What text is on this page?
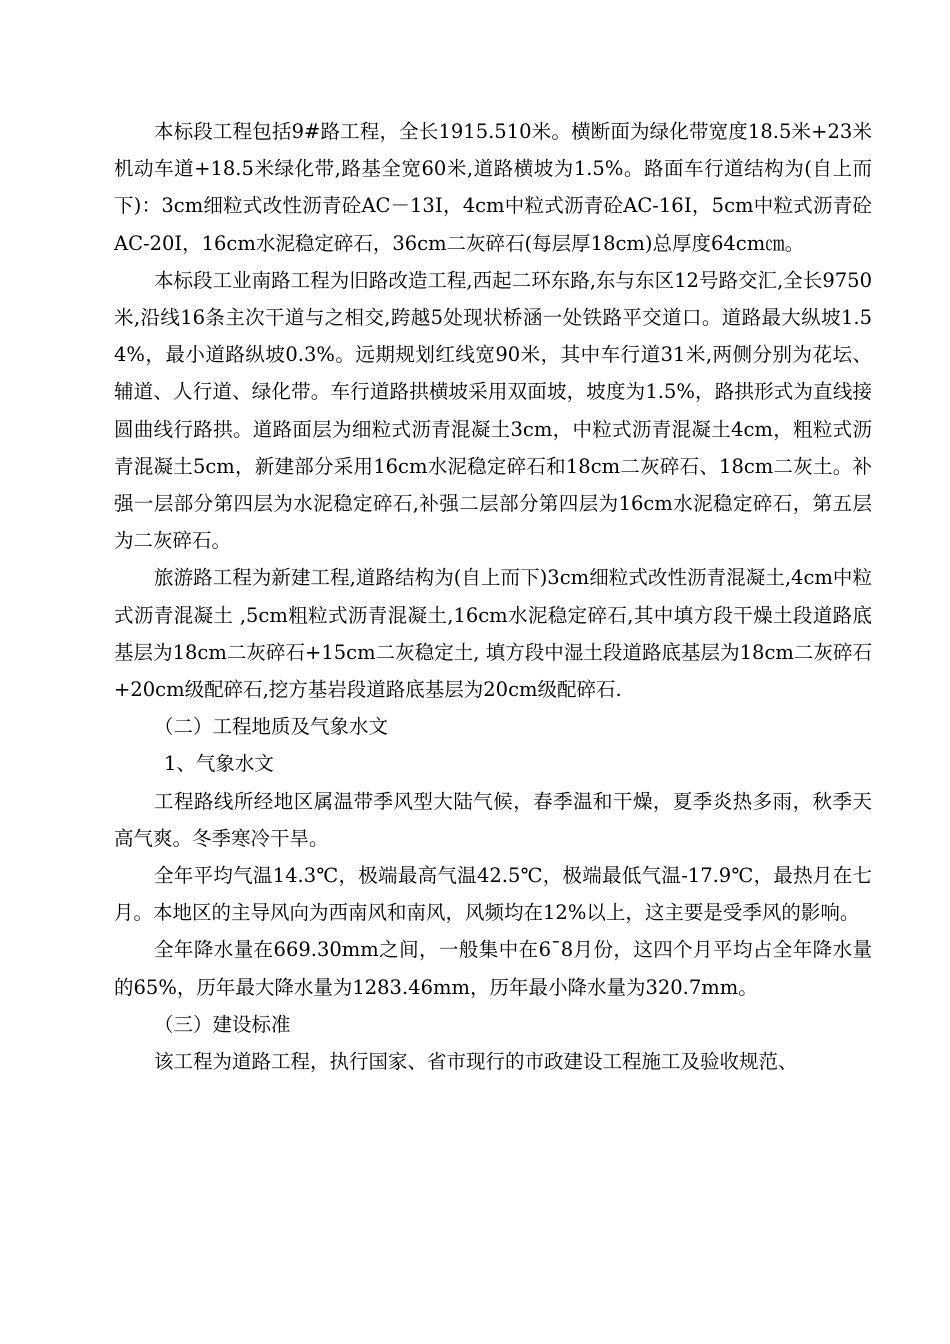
本标段工程包括9#路工程，全长1915.510米。横断面为绿化带宽度18.5米+23米机动车道+18.5米绿化带,路基全宽60米,道路横坡为1.5%。路面车行道结构为(自上而下)：3cm细粒式改性沥青砼AC－13Ⅰ，4cm中粒式沥青砼AC-16Ⅰ，5cm中粒式沥青砼AC-20Ⅰ，16cm水泥稳定碎石，36cm二灰碎石(每层厚18cm)总厚度64cm㎝。

本标段工业南路工程为旧路改造工程,西起二环东路,东与东区12号路交汇,全长9750米,沿线16条主次干道与之相交,跨越5处现状桥涵一处铁路平交道口。道路最大纵坡1.54%，最小道路纵坡0.3%。远期规划红线宽90米，其中车行道31米,两侧分别为花坛、辅道、人行道、绿化带。车行道路拱横坡采用双面坡，坡度为1.5%，路拱形式为直线接圆曲线行路拱。道路面层为细粒式沥青混凝土3cm，中粒式沥青混凝土4cm，粗粒式沥青混凝土5cm，新建部分采用16cm水泥稳定碎石和18cm二灰碎石、18cm二灰土。补强一层部分第四层为水泥稳定碎石,补强二层部分第四层为16cm水泥稳定碎石，第五层为二灰碎石。

旅游路工程为新建工程,道路结构为(自上而下)3cm细粒式改性沥青混凝土,4cm中粒式沥青混凝土 ,5cm粗粒式沥青混凝土,16cm水泥稳定碎石,其中填方段干燥土段道路底基层为18cm二灰碎石+15cm二灰稳定土, 填方段中湿土段道路底基层为18cm二灰碎石+20cm级配碎石,挖方基岩段道路底基层为20cm级配碎石.

（二）工程地质及气象水文

1、气象水文

工程路线所经地区属温带季风型大陆气候，春季温和干燥，夏季炎热多雨，秋季天高气爽。冬季寒冷干旱。

全年平均气温14.3℃，极端最高气温42.5℃，极端最低气温-17.9℃，最热月在七月。本地区的主导风向为西南风和南风，风频均在12%以上，这主要是受季风的影响。

全年降水量在669.30mm之间，一般集中在6¯8月份，这四个月平均占全年降水量的65%，历年最大降水量为1283.46mm，历年最小降水量为320.7mm。

（三）建设标准

该工程为道路工程，执行国家、省市现行的市政建设工程施工及验收规范、
